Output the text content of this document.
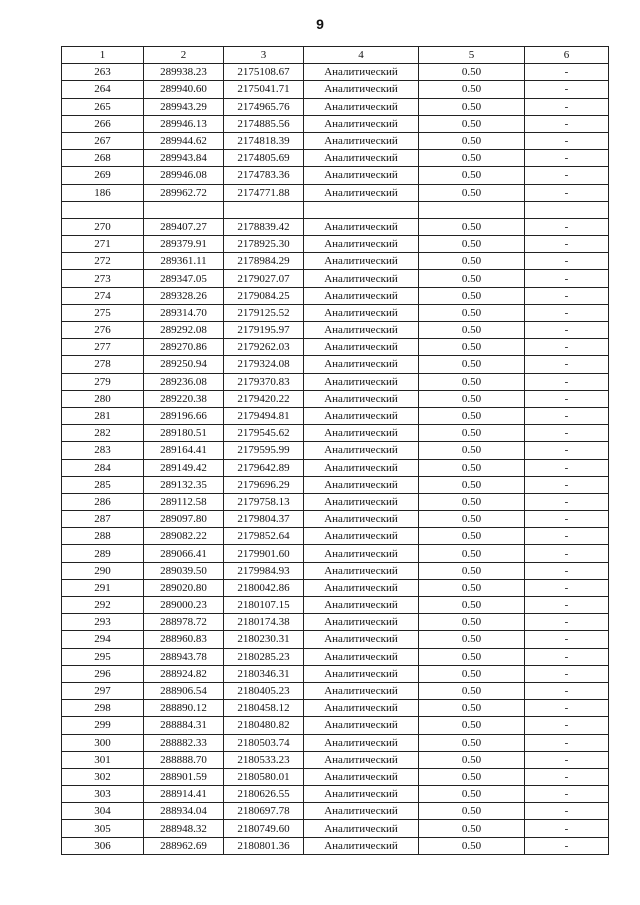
9
1	2	3	4	5	6
263	289938.23	2175108.67	Аналитический	0.50	-
264	289940.60	2175041.71	Аналитический	0.50	-
265	289943.29	2174965.76	Аналитический	0.50	-
266	289946.13	2174885.56	Аналитический	0.50	-
267	289944.62	2174818.39	Аналитический	0.50	-
268	289943.84	2174805.69	Аналитический	0.50	-
269	289946.08	2174783.36	Аналитический	0.50	-
186	289962.72	2174771.88	Аналитический	0.50	-

270	289407.27	2178839.42	Аналитический	0.50	-
271	289379.91	2178925.30	Аналитический	0.50	-
272	289361.11	2178984.29	Аналитический	0.50	-
273	289347.05	2179027.07	Аналитический	0.50	-
274	289328.26	2179084.25	Аналитический	0.50	-
275	289314.70	2179125.52	Аналитический	0.50	-
276	289292.08	2179195.97	Аналитический	0.50	-
277	289270.86	2179262.03	Аналитический	0.50	-
278	289250.94	2179324.08	Аналитический	0.50	-
279	289236.08	2179370.83	Аналитический	0.50	-
280	289220.38	2179420.22	Аналитический	0.50	-
281	289196.66	2179494.81	Аналитический	0.50	-
282	289180.51	2179545.62	Аналитический	0.50	-
283	289164.41	2179595.99	Аналитический	0.50	-
284	289149.42	2179642.89	Аналитический	0.50	-
285	289132.35	2179696.29	Аналитический	0.50	-
286	289112.58	2179758.13	Аналитический	0.50	-
287	289097.80	2179804.37	Аналитический	0.50	-
288	289082.22	2179852.64	Аналитический	0.50	-
289	289066.41	2179901.60	Аналитический	0.50	-
290	289039.50	2179984.93	Аналитический	0.50	-
291	289020.80	2180042.86	Аналитический	0.50	-
292	289000.23	2180107.15	Аналитический	0.50	-
293	288978.72	2180174.38	Аналитический	0.50	-
294	288960.83	2180230.31	Аналитический	0.50	-
295	288943.78	2180285.23	Аналитический	0.50	-
296	288924.82	2180346.31	Аналитический	0.50	-
297	288906.54	2180405.23	Аналитический	0.50	-
298	288890.12	2180458.12	Аналитический	0.50	-
299	288884.31	2180480.82	Аналитический	0.50	-
300	288882.33	2180503.74	Аналитический	0.50	-
301	288888.70	2180533.23	Аналитический	0.50	-
302	288901.59	2180580.01	Аналитический	0.50	-
303	288914.41	2180626.55	Аналитический	0.50	-
304	288934.04	2180697.78	Аналитический	0.50	-
305	288948.32	2180749.60	Аналитический	0.50	-
306	288962.69	2180801.36	Аналитический	0.50	-
